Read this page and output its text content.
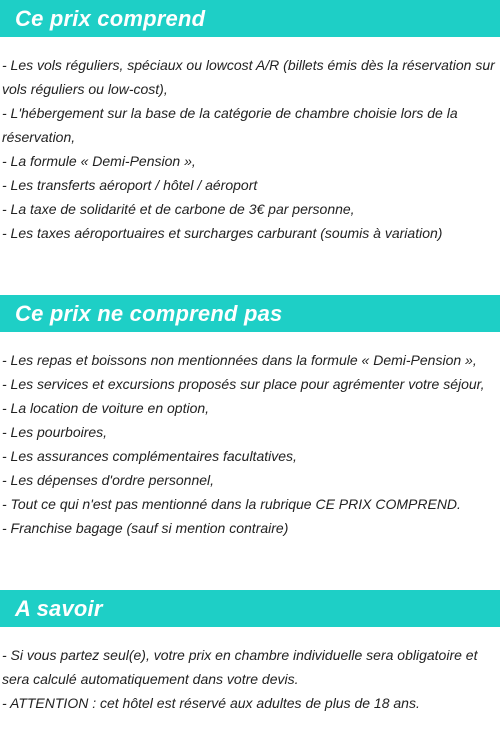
Ce prix comprend
- Les vols réguliers, spéciaux ou lowcost A/R (billets émis dès la réservation sur vols réguliers ou low-cost),
- L'hébergement sur la base de la catégorie de chambre choisie lors de la réservation,
- La formule « Demi-Pension »,
- Les transferts aéroport / hôtel / aéroport
- La taxe de solidarité et de carbone de 3€ par personne,
- Les taxes aéroportuaires et surcharges carburant (soumis à variation)
Ce prix ne comprend pas
- Les repas et boissons non mentionnées dans la formule « Demi-Pension »,
- Les services et excursions proposés sur place pour agrémenter votre séjour,
- La location de voiture en option,
- Les pourboires,
- Les assurances complémentaires facultatives,
- Les dépenses d'ordre personnel,
- Tout ce qui n'est pas mentionné dans la rubrique CE PRIX COMPREND.
- Franchise bagage (sauf si mention contraire)
A savoir
- Si vous partez seul(e), votre prix en chambre individuelle sera obligatoire et sera calculé automatiquement dans votre devis.
- ATTENTION : cet hôtel est réservé aux adultes de plus de 18 ans.
